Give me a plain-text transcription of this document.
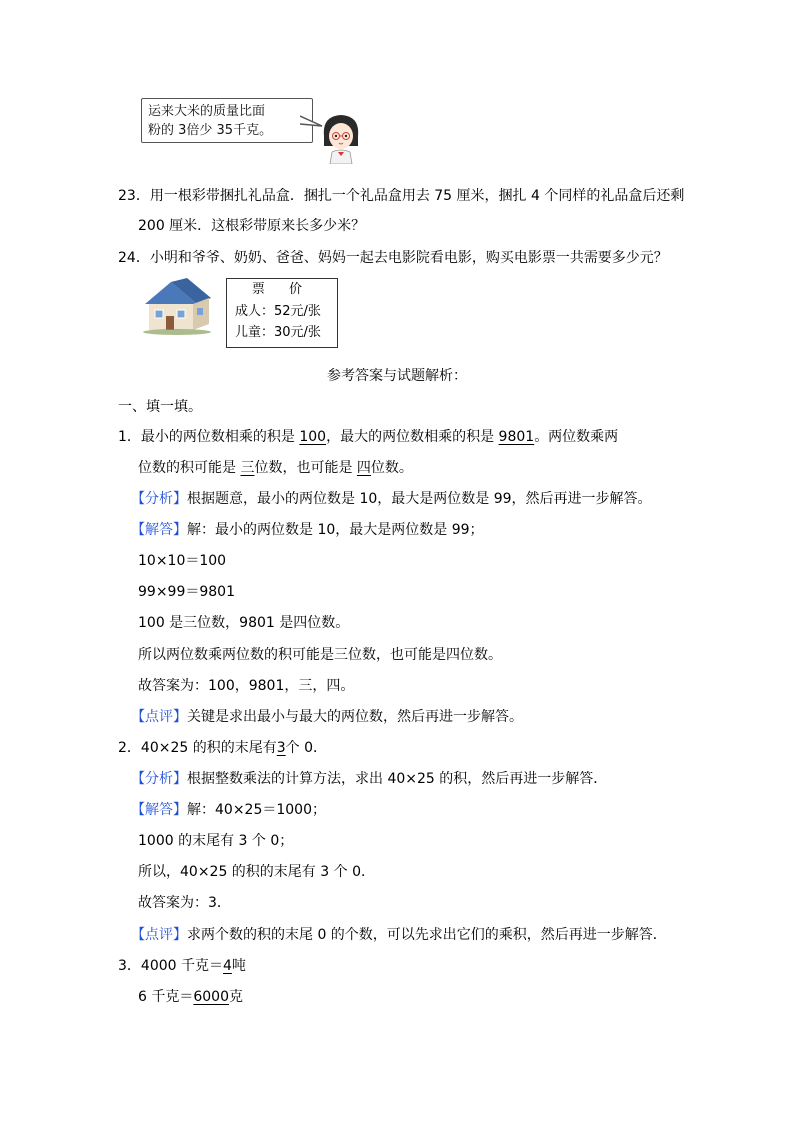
运来大米的质量比面
粉的 3倍少 35千克。
23．用一根彩带捆扎礼品盒．捆扎一个礼品盒用去 75 厘米，捆扎 4 个同样的礼品盒后还剩
200 厘米．这根彩带原来长多少米？
24．小明和爷爷、奶奶、爸爸、妈妈一起去电影院看电影，购买电影票一共需要多少元？
票 价
成人：52元/张
儿童：30元/张
参考答案与试题解析：
一、填一填。
1．最小的两位数相乘的积是 100，最大的两位数相乘的积是 9801。两位数乘两
位数的积可能是 三位数，也可能是 四位数。
【分析】根据题意，最小的两位数是 10，最大是两位数是 99，然后再进一步解答。
【解答】解：最小的两位数是 10，最大是两位数是 99；
10×10＝100
99×99＝9801
100 是三位数，9801 是四位数。
所以两位数乘两位数的积可能是三位数，也可能是四位数。
故答案为：100，9801，三，四。
【点评】关键是求出最小与最大的两位数，然后再进一步解答。
2．40×25 的积的末尾有3个 0．
【分析】根据整数乘法的计算方法，求出 40×25 的积，然后再进一步解答．
【解答】解：40×25＝1000；
1000 的末尾有 3 个 0；
所以，40×25 的积的末尾有 3 个 0．
故答案为：3．
【点评】求两个数的积的末尾 0 的个数，可以先求出它们的乘积，然后再进一步解答．
3．4000 千克＝4吨
6 千克＝6000克
